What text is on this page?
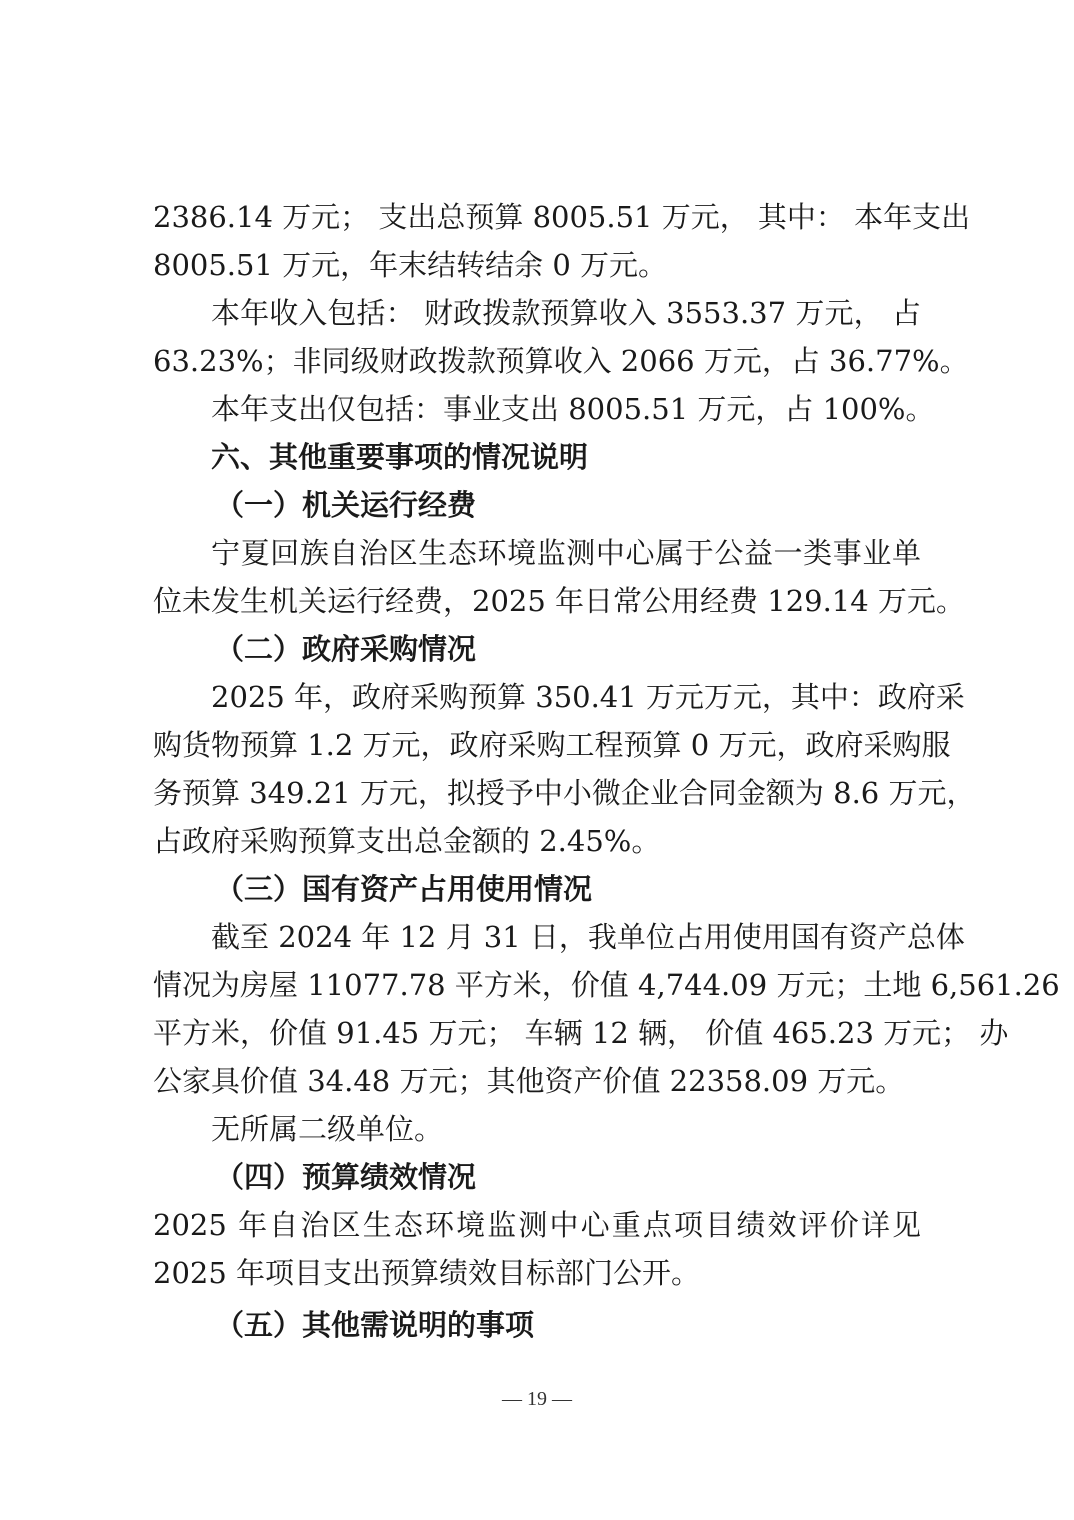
2386.14 万元； 支出总预算 8005.51 万元， 其中： 本年支出
8005.51 万元，年末结转结余 0 万元。
本年收入包括： 财政拨款预算收入 3553.37 万元， 占
63.23%；非同级财政拨款预算收入 2066 万元，占 36.77%。
本年支出仅包括：事业支出 8005.51 万元，占 100%。
六、其他重要事项的情况说明
（一）机关运行经费
宁夏回族自治区生态环境监测中心属于公益一类事业单
位未发生机关运行经费，2025 年日常公用经费 129.14 万元。
（二）政府采购情况
2025 年，政府采购预算 350.41 万元万元，其中：政府采
购货物预算 1.2 万元，政府采购工程预算 0 万元，政府采购服
务预算 349.21 万元，拟授予中小微企业合同金额为 8.6 万元，
占政府采购预算支出总金额的 2.45%。
（三）国有资产占用使用情况
截至 2024 年 12 月 31 日，我单位占用使用国有资产总体
情况为房屋 11077.78 平方米，价值 4,744.09 万元；土地 6,561.26
平方米，价值 91.45 万元； 车辆 12 辆， 价值 465.23 万元； 办
公家具价值 34.48 万元；其他资产价值 22358.09 万元。
无所属二级单位。
（四）预算绩效情况
2025 年自治区生态环境监测中心重点项目绩效评价详见
2025 年项目支出预算绩效目标部门公开。
（五）其他需说明的事项
— 19 —
